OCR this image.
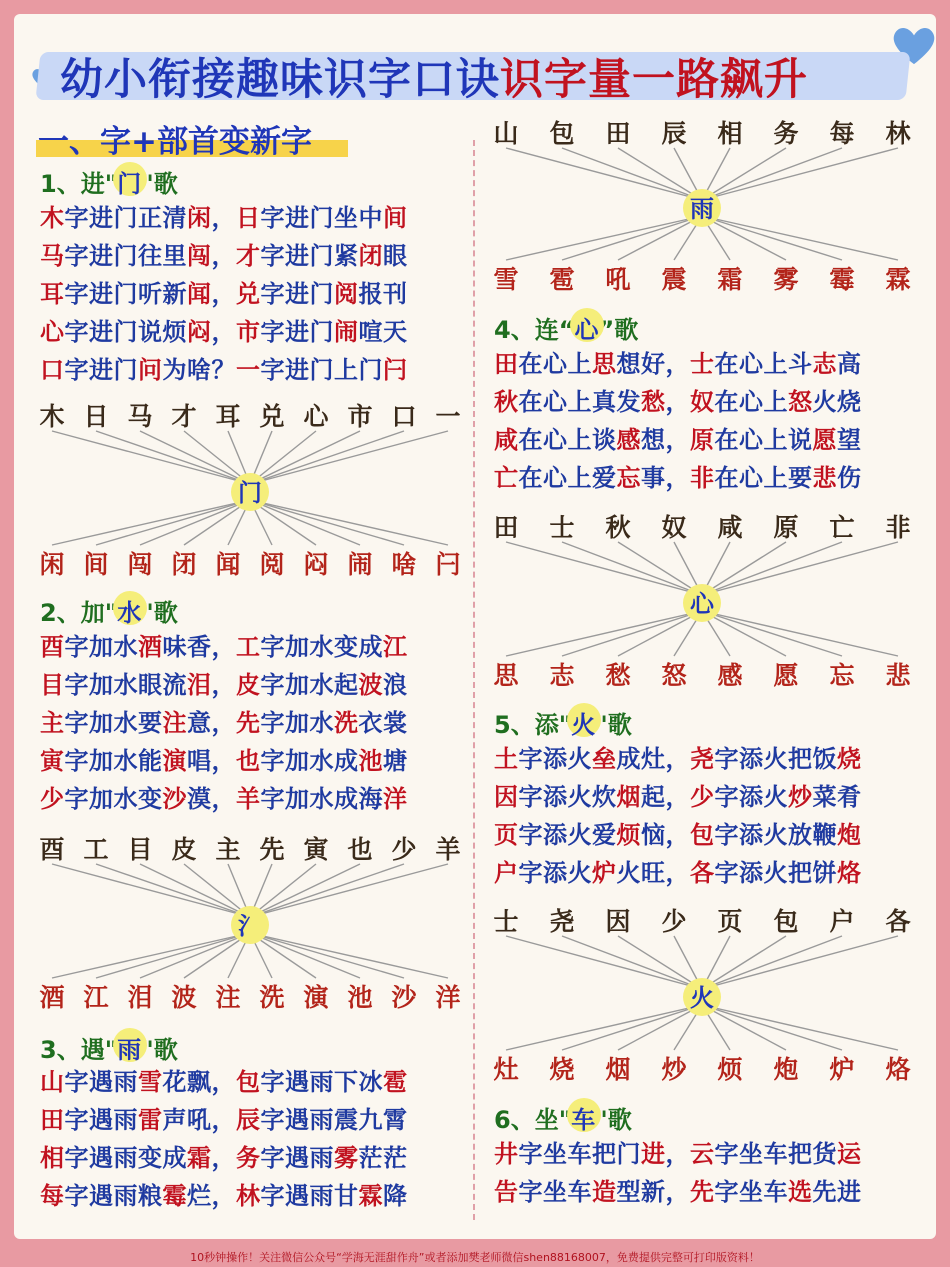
幼小衔接趣味识字口诀识字量一路飙升
一、字+部首变新字
1、进"门"歌
木字进门正清闲，日字进门坐中间
马字进门往里闯，才字进门紧闭眼
耳字进门听新闻，兑字进门阅报刊
心字进门说烦闷，市字进门闹喧天
口字进门问为啥？一字进门上门闩
门
木 日 马 才 耳 兑 心 市 口 一
闲 间 闯 闭 闻 阅 闷 闹 啥 闩
2、加"水"歌
酉字加水酒味香，工字加水变成江
目字加水眼流泪，皮字加水起波浪
主字加水要注意，先字加水洗衣裳
寅字加水能演唱，也字加水成池塘
少字加水变沙漠，羊字加水成海洋
氵
酉 工 目 皮 主 先 寅 也 少 羊
酒 江 泪 波 注 洗 演 池 沙 洋
3、遇"雨"歌
山字遇雨雪花飘，包字遇雨下冰雹
田字遇雨雷声吼，辰字遇雨震九霄
相字遇雨变成霜，务字遇雨雾茫茫
每字遇雨粮霉烂，林字遇雨甘霖降
雨
山 包 田 辰 相 务 每 林
雪 雹 吼 震 霜 雾 霉 霖
4、连“心”歌
田在心上思想好，士在心上斗志高
秋在心上真发愁，奴在心上怒火烧
咸在心上谈感想，原在心上说愿望
亡在心上爱忘事，非在心上要悲伤
心
田 士 秋 奴 咸 原 亡 非
思 志 愁 怒 感 愿 忘 悲
5、添"火"歌
土字添火垒成灶，尧字添火把饭烧
因字添火炊烟起，少字添火炒菜肴
页字添火爱烦恼，包字添火放鞭炮
户字添火炉火旺，各字添火把饼烙
火
士 尧 因 少 页 包 户 各
灶 烧 烟 炒 烦 炮 炉 烙
6、坐"车"歌
井字坐车把门进，云字坐车把货运
告字坐车造型新，先字坐车选先进
10秒钟操作！关注微信公众号“学海无涯甜作舟”或者添加樊老师微信shen88168007，免费提供完整可打印版资料！
